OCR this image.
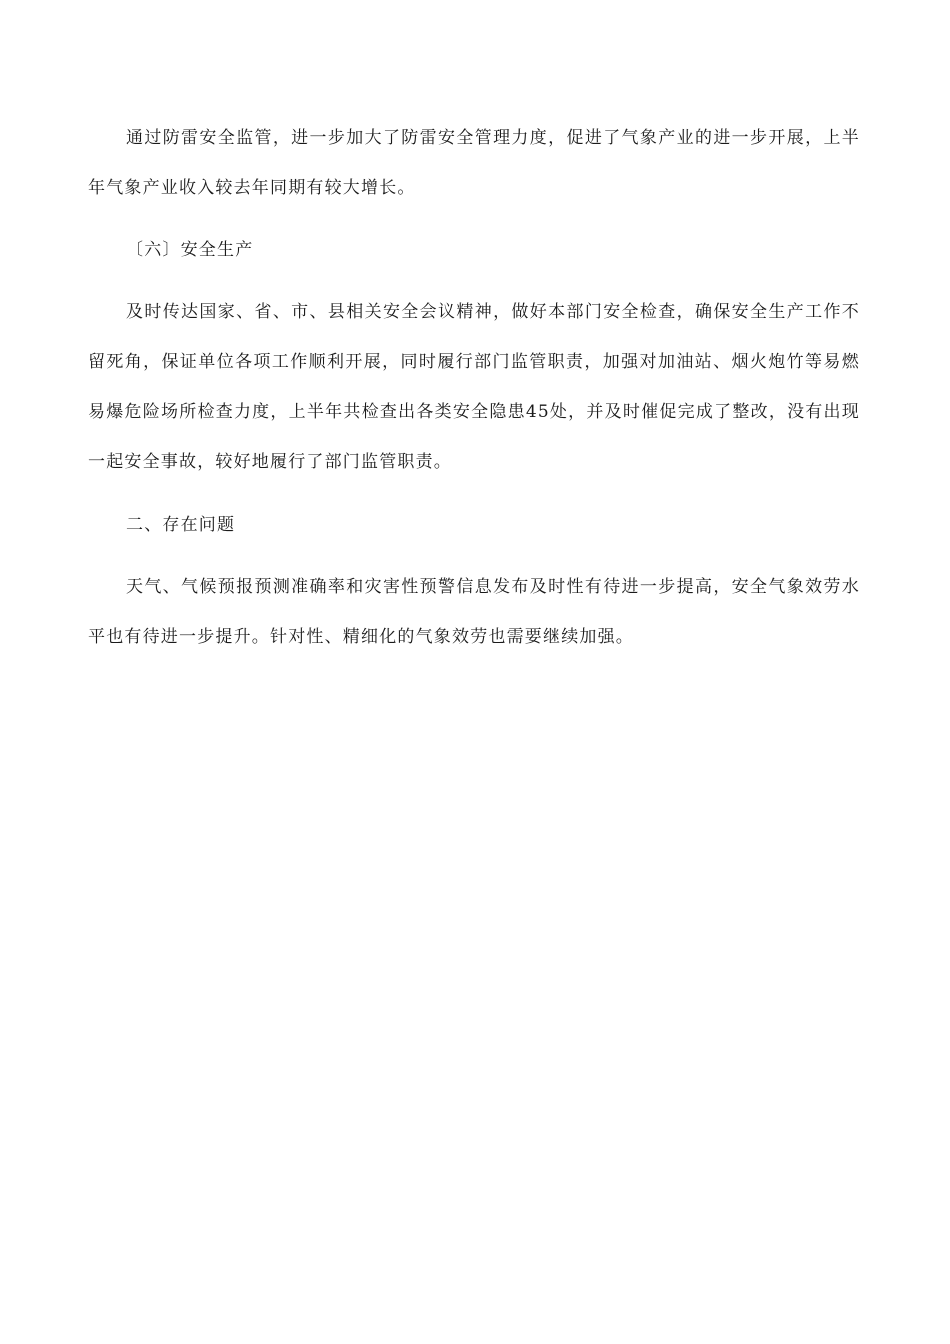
通过防雷安全监管，进一步加大了防雷安全管理力度，促进了气象产业的进一步开展，上半年气象产业收入较去年同期有较大增长。

〔六〕安全生产

及时传达国家、省、市、县相关安全会议精神，做好本部门安全检查，确保安全生产工作不留死角，保证单位各项工作顺利开展，同时履行部门监管职责，加强对加油站、烟火炮竹等易燃易爆危险场所检查力度，上半年共检查出各类安全隐患45处，并及时催促完成了整改，没有出现一起安全事故，较好地履行了部门监管职责。

二、存在问题

天气、气候预报预测准确率和灾害性预警信息发布及时性有待进一步提高，安全气象效劳水平也有待进一步提升。针对性、精细化的气象效劳也需要继续加强。
